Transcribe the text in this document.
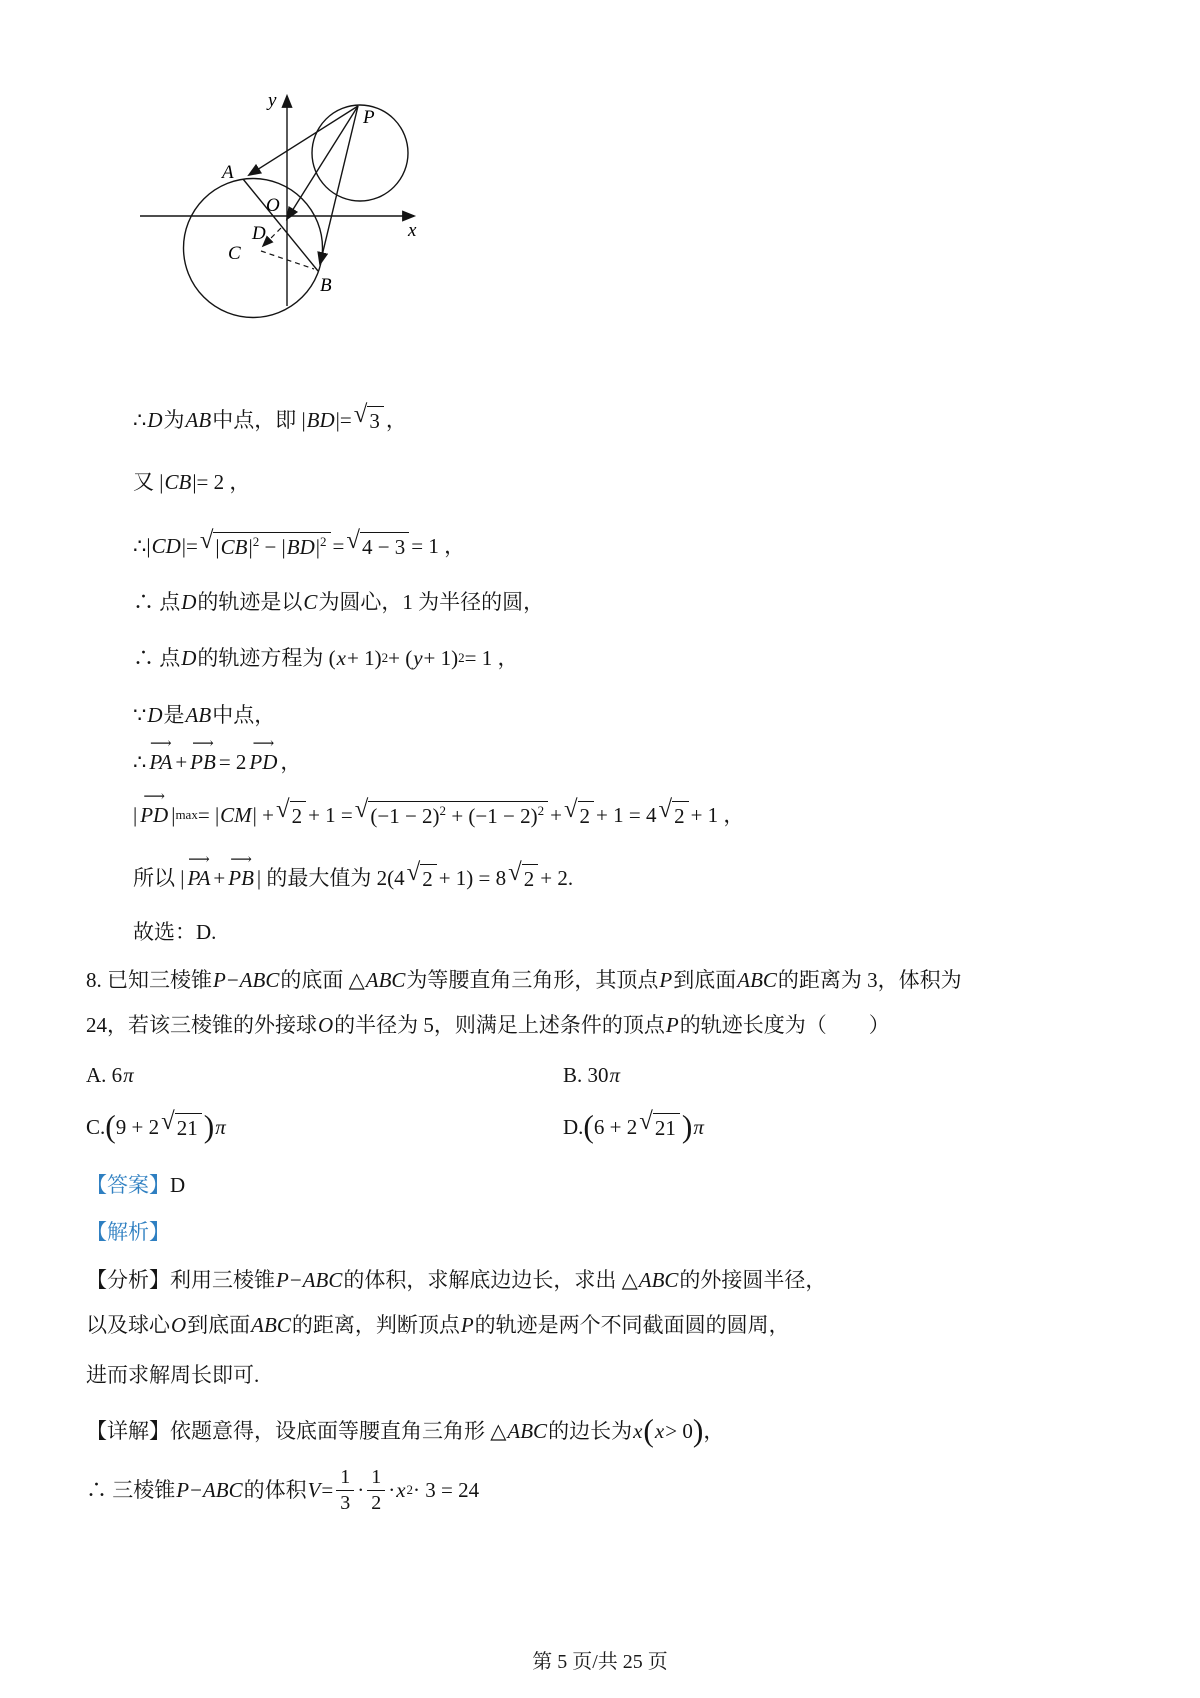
y
x
P
A
O
D
C
B
∴ D 为 AB 中点，即 | BD |= √ 3 ，
又 | CB |= 2 ，
∴| CD |= √ $|CB|^2 - |BD|^2$ = √ 4 − 3 = 1 ，
∴ 点 D 的轨迹是以 C 为圆心，1 为半径的圆，
∴ 点 D 的轨迹方程为 ( x + 1) 2 + ( y + 1) 2 = 1 ，
∵ D 是 AB 中点，
∴
⟶
PA +
⟶
PB = 2
⟶
PD ，
|
⟶
PD | max = | CM | + √ 2 + 1 = √ $(-1 - 2)^2 + (-1 - 2)^2$ + √ 2 + 1 = 4 √ 2 + 1 ，
所以 |
⟶
PA +
⟶
PB | 的最大值为 2(4 √ 2 + 1) = 8 √ 2 + 2.
故选：D.
8. 已知三棱锥 P − ABC 的底面 △ ABC 为等腰直角三角形，其顶点 P 到底面 ABC 的距离为 3，体积为
24，若该三棱锥的外接球 O 的半径为 5，则满足上述条件的顶点 P 的轨迹长度为（　　）
A. 6 π	B. 30 π
C. ( 9 + 2 √ 21 ) π	D. ( 6 + 2 √ 21 ) π
【答案】 D
【解析】
【分析】利用三棱锥 P − ABC 的体积，求解底边边长，求出 △ ABC 的外接圆半径，
以及球心 O 到底面 ABC 的距离，判断顶点 P 的轨迹是两个不同截面圆的圆周，
进而求解周长即可.
【详解】依题意得，设底面等腰直角三角形 △ ABC 的边长为 x ( x > 0 ) ，
∴ 三棱锥 P − ABC 的体积 $V = \frac{1}{3} \cdot \frac{1}{2} \cdot x$ 2 · 3 = 24
第 5 页/共 25 页
